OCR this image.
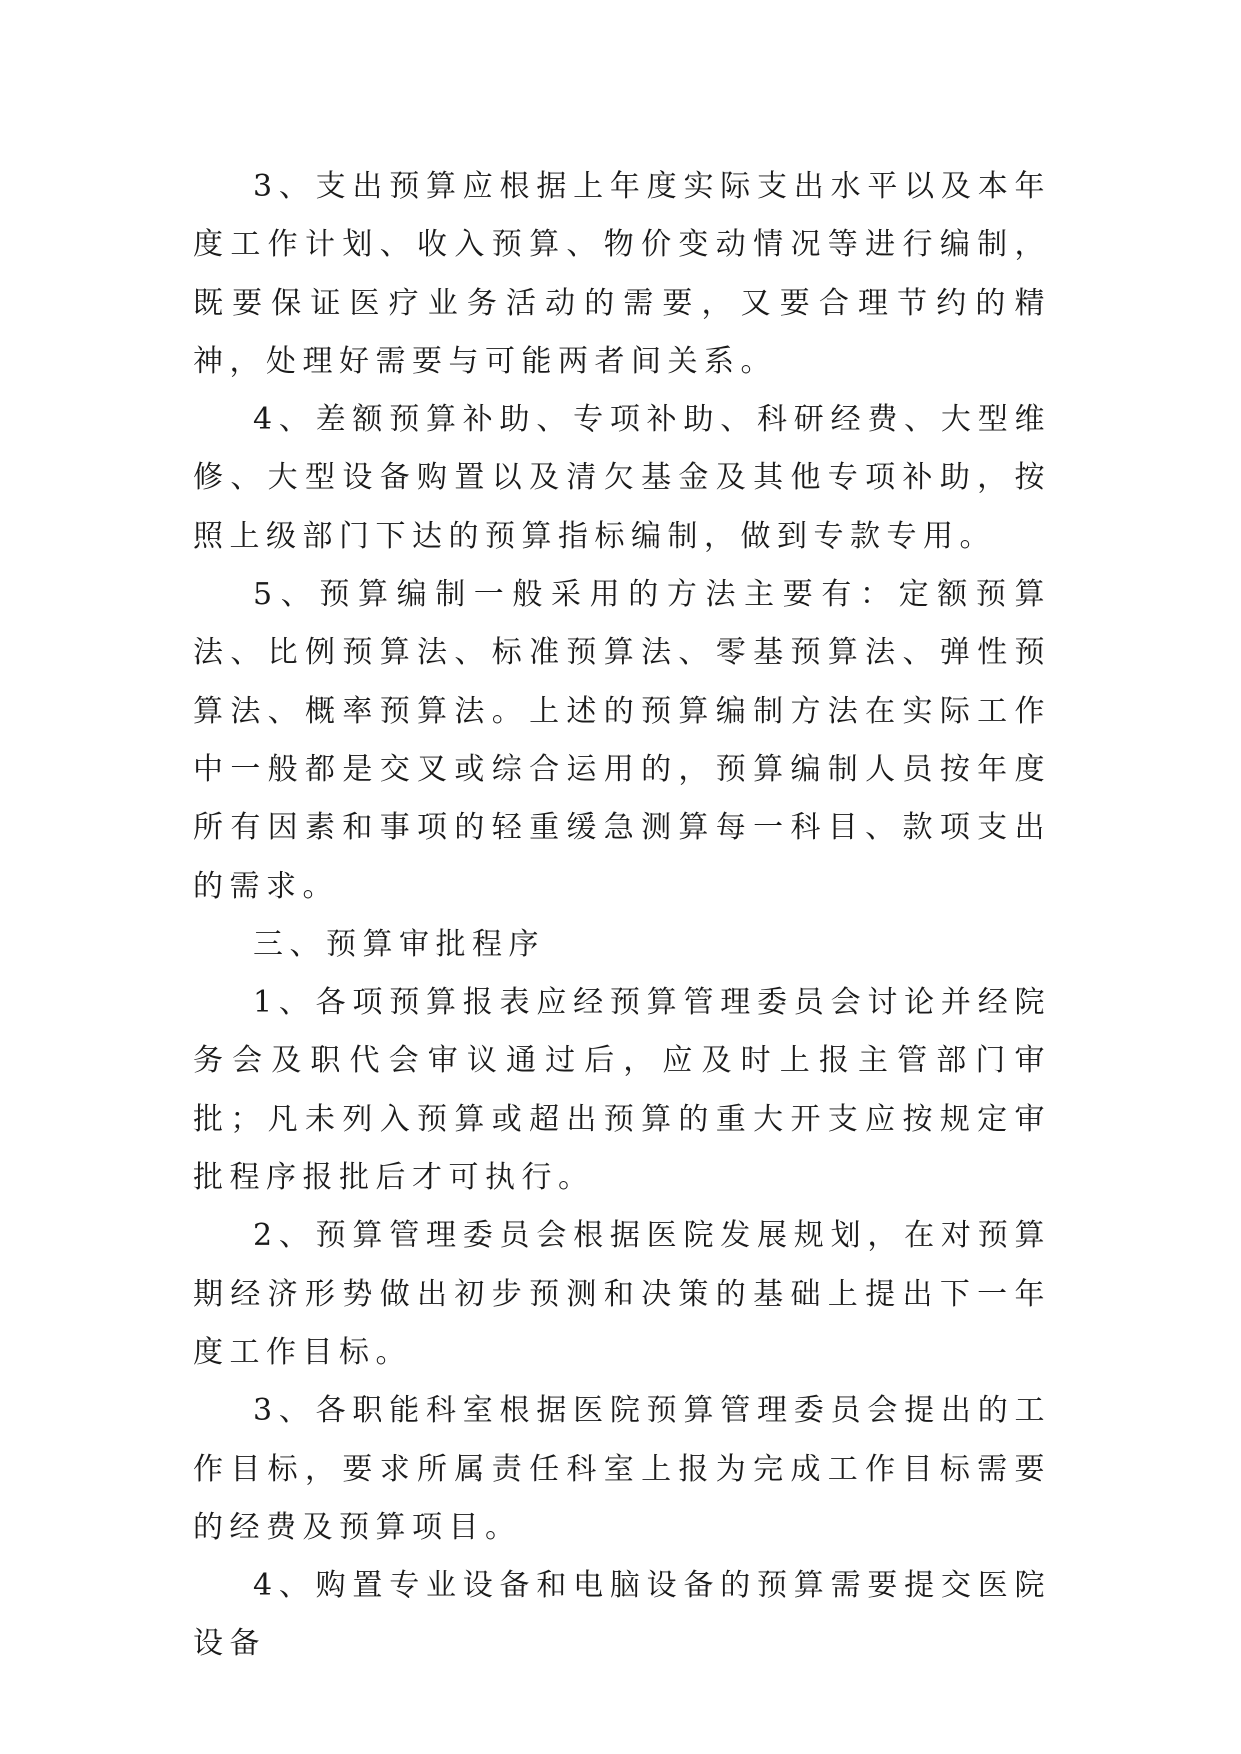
3、支出预算应根据上年度实际支出水平以及本年度工作计划、收入预算、物价变动情况等进行编制，既要保证医疗业务活动的需要，又要合理节约的精神，处理好需要与可能两者间关系。

4、差额预算补助、专项补助、科研经费、大型维修、大型设备购置以及清欠基金及其他专项补助，按照上级部门下达的预算指标编制，做到专款专用。

5、预算编制一般采用的方法主要有：定额预算法、比例预算法、标准预算法、零基预算法、弹性预算法、概率预算法。上述的预算编制方法在实际工作中一般都是交叉或综合运用的，预算编制人员按年度所有因素和事项的轻重缓急测算每一科目、款项支出的需求。

三、预算审批程序

1、各项预算报表应经预算管理委员会讨论并经院务会及职代会审议通过后，应及时上报主管部门审批；凡未列入预算或超出预算的重大开支应按规定审批程序报批后才可执行。

2、预算管理委员会根据医院发展规划，在对预算期经济形势做出初步预测和决策的基础上提出下一年度工作目标。

3、各职能科室根据医院预算管理委员会提出的工作目标，要求所属责任科室上报为完成工作目标需要的经费及预算项目。

4、购置专业设备和电脑设备的预算需要提交医院设备
